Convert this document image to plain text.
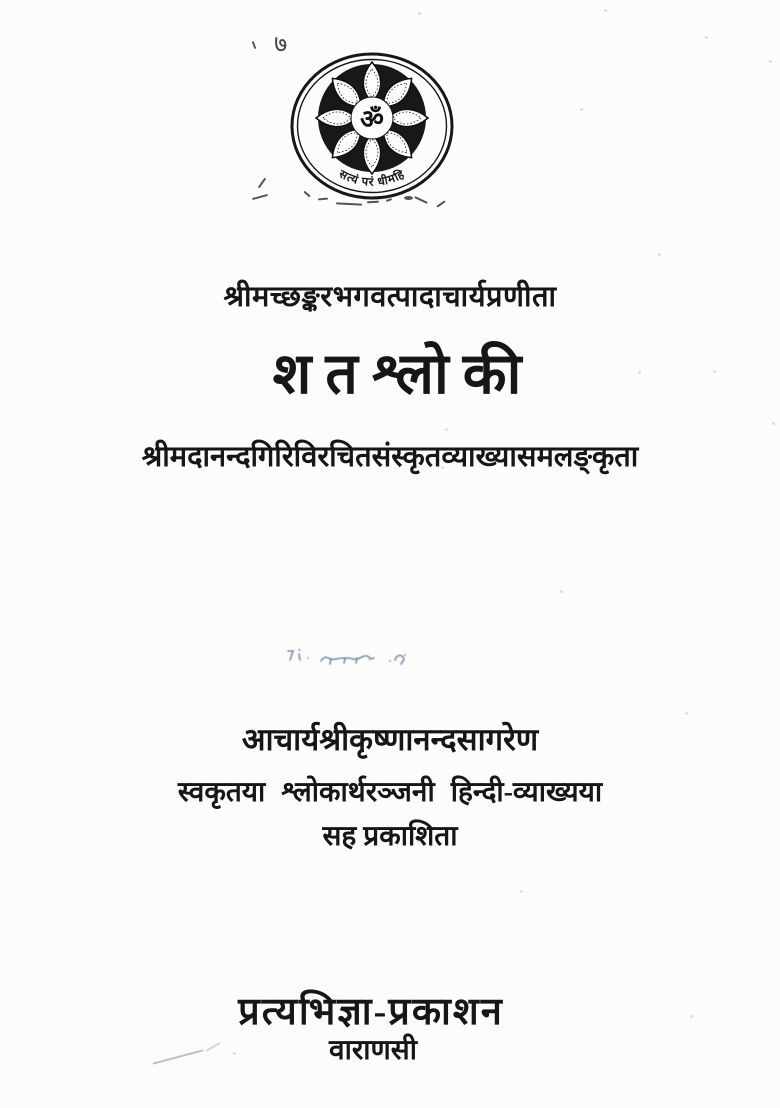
ॐ
सत्यं परं धीमहि
७
श्रीमच्छङ्करभगवत्पादाचार्यप्रणीता
शतश्लोकी
श्रीमदानन्दगिरिविरचितसंस्कृतव्याख्यासमलङ्कृता
आचार्यश्रीकृष्णानन्दसागरेण
स्वकृतया श्लोकार्थरञ्जनी हिन्दी-व्याख्यया
सह प्रकाशिता
प्रत्यभिज्ञा-प्रकाशन
वाराणसी
